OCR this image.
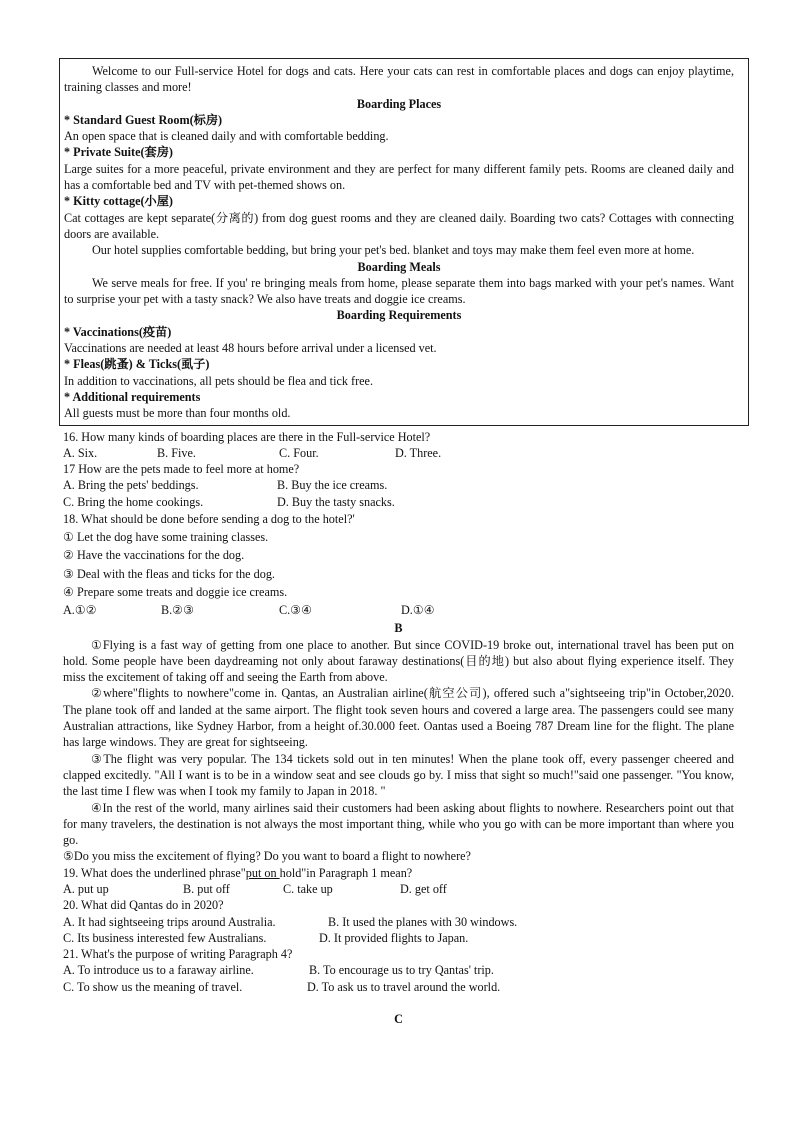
Welcome to our Full-service Hotel for dogs and cats. Here your cats can rest in comfortable places and dogs can enjoy playtime, training classes and more!

Boarding Places

* Standard Guest Room(标房)

An open space that is cleaned daily and with comfortable bedding.

* Private Suite(套房)

Large suites for a more peaceful, private environment and they are perfect for many different family pets. Rooms are cleaned daily and has a comfortable bed and TV with pet-themed shows on.

* Kitty cottage(小屋)

Cat cottages are kept separate(分离的) from dog guest rooms and they are cleaned daily. Boarding two cats? Cottages with connecting doors are available.

Our hotel supplies comfortable bedding, but bring your pet's bed. blanket and toys may make them feel even more at home.

Boarding Meals

We serve meals for free. If you' re bringing meals from home, please separate them into bags marked with your pet's names. Want to surprise your pet with a tasty snack? We also have treats and doggie ice creams.

Boarding Requirements

* Vaccinations(疫苗)

Vaccinations are needed at least 48 hours before arrival under a licensed vet.

* Fleas(跳蚤) & Ticks(虱子)

In addition to vaccinations, all pets should be flea and tick free.

* Additional requirements

All guests must be more than four months old.

16. How many kinds of boarding places are there in the Full-service Hotel?

A. Six.	B. Five.	C. Four.	D. Three.

17 How are the pets made to feel more at home?

A. Bring the pets' beddings.	B. Buy the ice creams.

C. Bring the home cookings.	D. Buy the tasty snacks.

18. What should be done before sending a dog to the hotel?'

① Let the dog have some training classes.

② Have the vaccinations for the dog.

③ Deal with the fleas and ticks for the dog.

④ Prepare some treats and doggie ice creams.

A.①②	B.②③	C.③④	D.①④

B

①Flying is a fast way of getting from one place to another. But since COVID-19 broke out, international travel has been put on hold. Some people have been daydreaming not only about faraway destinations(目的地) but also about flying experience itself. They miss the excitement of taking off and seeing the Earth from above.

②where"flights to nowhere"come in. Qantas, an Australian airline(航空公司), offered such a"sightseeing trip"in October,2020. The plane took off and landed at the same airport. The flight took seven hours and covered a large area. The passengers could see many Australian attractions, like Sydney Harbor, from a height of.30.000 feet. Oantas used a Boeing 787 Dream line for the flight. The plane has large windows. They are great for sightseeing.

③The flight was very popular. The 134 tickets sold out in ten minutes! When the plane took off, every passenger cheered and clapped excitedly. "All I want is to be in a window seat and see clouds go by. I miss that sight so much!"said one passenger. "You know, the last time I flew was when I took my family to Japan in 2018. "

④In the rest of the world, many airlines said their customers had been asking about flights to nowhere. Researchers point out that for many travelers, the destination is not always the most important thing, while who you go with can be more important than where you go.

⑤Do you miss the excitement of flying? Do you want to board a flight to nowhere?

19. What does the underlined phrase"put on hold"in Paragraph 1 mean?

A. put up	B. put off	C. take up	D. get off

20. What did Qantas do in 2020?

A. It had sightseeing trips around Australia.	B. It used the planes with 30 windows.

C. Its business interested few Australians.	D. It provided flights to Japan.

21. What's the purpose of writing Paragraph 4?

A. To introduce us to a faraway airline.	B. To encourage us to try Qantas' trip.

C. To show us the meaning of travel.	D. To ask us to travel around the world.

C
